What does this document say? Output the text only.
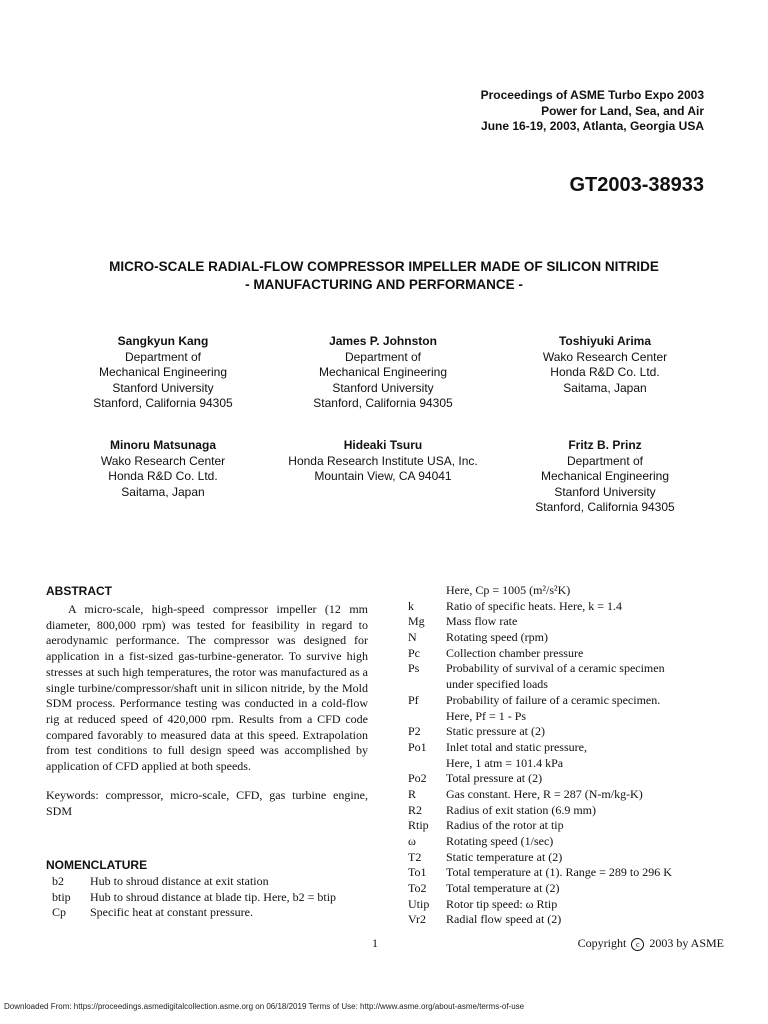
Proceedings of ASME Turbo Expo 2003
Power for Land, Sea, and Air
June 16-19, 2003, Atlanta, Georgia USA
GT2003-38933
MICRO-SCALE RADIAL-FLOW COMPRESSOR IMPELLER MADE OF SILICON NITRIDE
- MANUFACTURING AND PERFORMANCE -
Sangkyun Kang
Department of
Mechanical Engineering
Stanford University
Stanford, California 94305
James P. Johnston
Department of
Mechanical Engineering
Stanford University
Stanford, California 94305
Toshiyuki Arima
Wako Research Center
Honda R&D Co. Ltd.
Saitama, Japan
Minoru Matsunaga
Wako Research Center
Honda R&D Co. Ltd.
Saitama, Japan
Hideaki Tsuru
Honda Research Institute USA, Inc.
Mountain View, CA 94041
Fritz B. Prinz
Department of
Mechanical Engineering
Stanford University
Stanford, California 94305
ABSTRACT

A micro-scale, high-speed compressor impeller (12 mm diameter, 800,000 rpm) was tested for feasibility in regard to aerodynamic performance. The compressor was designed for application in a fist-sized gas-turbine-generator. To survive high stresses at such high temperatures, the rotor was manufactured as a single turbine/compressor/shaft unit in silicon nitride, by the Mold SDM process. Performance testing was conducted in a cold-flow rig at reduced speed of 420,000 rpm. Results from a CFD code compared favorably to measured data at this speed. Extrapolation from test conditions to full design speed was accomplished by application of CFD applied at both speeds.

Keywords: compressor, micro-scale, CFD, gas turbine engine, SDM
NOMENCLATURE
b2	Hub to shroud distance at exit station
btip	Hub to shroud distance at blade tip. Here, b2 = btip
Cp	Specific heat at constant pressure.
Here, Cp = 1005 (m²/s²K)
k	Ratio of specific heats. Here, k = 1.4
Mg	Mass flow rate
N	Rotating speed (rpm)
Pc	Collection chamber pressure
Ps	Probability of survival of a ceramic specimen
under specified loads
Pf	Probability of failure of a ceramic specimen.
Here, Pf = 1 - Ps
P2	Static pressure at (2)
Po1	Inlet total and static pressure,
Here, 1 atm = 101.4 kPa
Po2	Total pressure at (2)
R	Gas constant. Here, R = 287 (N-m/kg-K)
R2	Radius of exit station (6.9 mm)
Rtip	Radius of the rotor at tip
ω	Rotating speed (1/sec)
T2	Static temperature at (2)
To1	Total temperature at (1). Range = 289 to 296 K
To2	Total temperature at (2)
Utip	Rotor tip speed: ω Rtip
Vr2	Radial flow speed at (2)
1	Copyright c 2003 by ASME
Downloaded From: https://proceedings.asmedigitalcollection.asme.org on 06/18/2019 Terms of Use: http://www.asme.org/about-asme/terms-of-use
